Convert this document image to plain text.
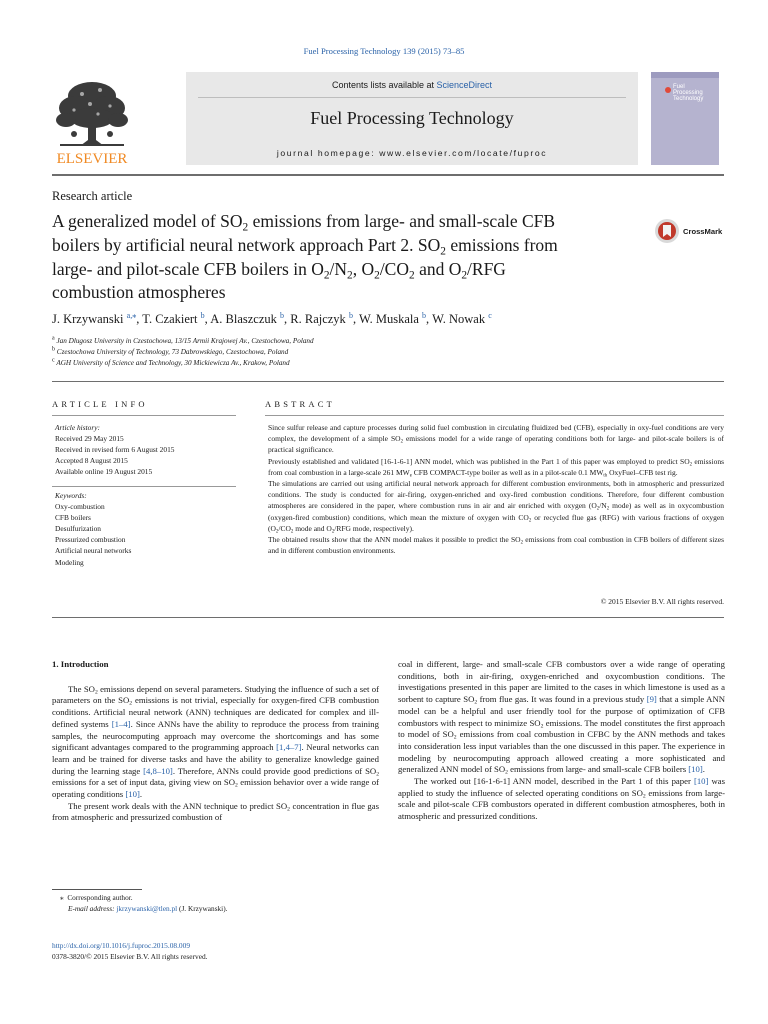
Fuel Processing Technology 139 (2015) 73–85
ELSEVIER
Contents lists available at ScienceDirect
Fuel Processing Technology
journal homepage: www.elsevier.com/locate/fuproc
Fuel
Processing
Technology
Research article
A generalized model of $SO_2$ emissions from large- and small-scale CFB
boilers by artificial neural network approach Part 2. $SO_2$ emissions from
large- and pilot-scale CFB boilers in $O_2/N_2$, $O_2/CO_2$ and $O_2$/RFG
combustion atmospheres
CrossMark
J. Krzywanski $^{a,⁎}$, T. Czakiert $^b$, A. Blaszczuk $^b$, R. Rajczyk $^b$, W. Muskala $^b$, W. Nowak $^c$
$^a$ Jan Dlugosz University in Czestochowa, 13/15 Armii Krajowej Av., Czestochowa, Poland
$^b$ Czestochowa University of Technology, 73 Dabrowskiego, Czestochowa, Poland
$^c$ AGH University of Science and Technology, 30 Mickiewicza Av., Krakow, Poland
ARTICLE INFO
Article history:
Received 29 May 2015
Received in revised form 6 August 2015
Accepted 8 August 2015
Available online 19 August 2015
Keywords:
Oxy-combustion
CFB boilers
Desulfurization
Pressurized combustion
Artificial neural networks
Modeling
ABSTRACT

Since sulfur release and capture processes during solid fuel combustion in circulating fluidized bed (CFB), especially in oxy-fuel conditions are very complex, the development of a simple $SO_2$ emissions model for a wide range of operating conditions both for large- and pilot-scale boilers is of practical significance.

Previously established and validated [16-1-6-1] ANN model, which was published in the Part 1 of this paper was employed to predict $SO_2$ emissions from coal combustion in a large-scale 261 $MW_e$ CFB COMPACT-type boiler as well as in a pilot-scale 0.1 $MW_{th}$ OxyFuel–CFB test rig.

The simulations are carried out using artificial neural network approach for different combustion environments, both in atmospheric and pressurized conditions. The study is conducted for air-firing, oxygen-enriched and oxy-fired combustion conditions. Therefore, four different combustion atmospheres are considered in the paper, where combustion runs in air and air enriched with oxygen ($O_2/N_2$ mode) as well as in oxycombustion (oxygen-fired combustion) conditions, which mean the mixture of oxygen with $CO_2$ or recycled flue gas (RFG) with various fractions of oxygen ($O_2/CO_2$ mode and $O_2$/RFG mode, respectively).

The obtained results show that the ANN model makes it possible to predict the $SO_2$ emissions from coal combustion in CFB boilers of different sizes and in different combustion environments.

© 2015 Elsevier B.V. All rights reserved.
1. Introduction

The $SO_2$ emissions depend on several parameters. Studying the influence of such a set of parameters on the $SO_2$ emissions is not trivial, especially for oxygen-fired CFB combustion conditions. Artificial neural network (ANN) techniques are dedicated for complex and ill-defined systems [1–4]. Since ANNs have the ability to reproduce the process from training samples, the neurocomputing approach may overcome the shortcomings and has some significant advantages compared to the programming approach [1,4–7]. Neural networks can learn and be trained for diverse tasks and have the ability to generalize knowledge gained during the learning stage [4,8–10]. Therefore, ANNs could provide good predictions of $SO_2$ emissions for a set of input data, giving view on $SO_2$ emission behavior over a wide range of operating conditions [10].

The present work deals with the ANN technique to predict $SO_2$ concentration in flue gas from atmospheric and pressurized combustion of

coal in different, large- and small-scale CFB combustors over a wide range of operating conditions, both in air-firing, oxygen-enriched and oxycombustion conditions. The investigations presented in this paper are limited to the cases in which limestone is used as a sorbent to capture $SO_2$ from flue gas. It was found in a previous study [9] that a simple ANN model can be a helpful and user friendly tool for the purpose of optimization of CFB combustors with respect to minimize $SO_2$ emissions. The model constitutes the first approach to model of $SO_2$ emissions from coal combustion in CFBC by the ANN methods and takes into consideration less input variables than the one discussed in this paper. The experience in modeling by neurocomputing approach allowed creating a more sophisticated and generalized ANN model of $SO_2$ emissions from large- and small-scale CFB boilers [10].

The worked out [16-1-6-1] ANN model, described in the Part 1 of this paper [10] was applied to study the influence of selected operating conditions on $SO_2$ emissions from large-scale and pilot-scale CFB combustors operated in different combustion atmospheres, both in atmospheric and pressurized conditions.

⁎ Corresponding author.
E-mail address: jkrzywanski@tlen.pl (J. Krzywanski).
http://dx.doi.org/10.1016/j.fuproc.2015.08.009
0378-3820/© 2015 Elsevier B.V. All rights reserved.
